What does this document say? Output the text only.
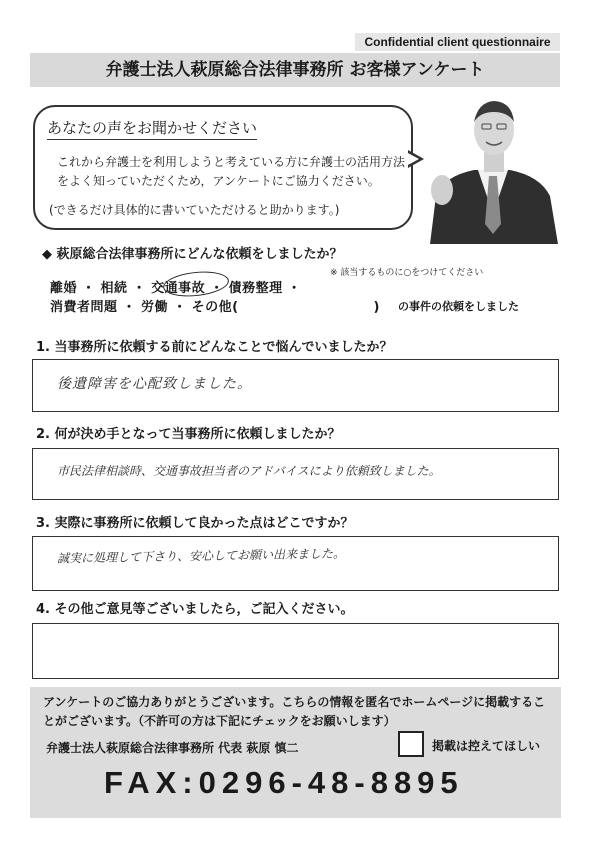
Confidential client questionnaire
弁護士法人萩原総合法律事務所 お客様アンケート
あなたの声をお聞かせください
これから弁護士を利用しようと考えている方に弁護士の活用方法をよく知っていただくため，アンケートにご協力ください。
(できるだけ具体的に書いていただけると助かります。)
◆ 萩原総合法律事務所にどんな依頼をしましたか？
※ 該当するものに○をつけてください
離婚 ・ 相続 ・ 交通事故 ・ 債務整理 ・
消費者問題 ・ 労働 ・ その他(　　　　　　　　　　) の事件の依頼をしました
1. 当事務所に依頼する前にどんなことで悩んでいましたか？
後遺障害を心配致しました。
2. 何が決め手となって当事務所に依頼しましたか？
市民法律相談時、交通事故担当者のアドバイスにより依頼致しました。
3. 実際に事務所に依頼して良かった点はどこですか？
誠実に処理して下さり、安心してお願い出来ました。
4. その他ご意見等ございましたら，ご記入ください。
アンケートのご協力ありがとうございます。こちらの情報を匿名でホームページに掲載することがございます。（不許可の方は下記にチェックをお願いします）
弁護士法人萩原総合法律事務所 代表 萩原 慎二	掲載は控えてほしい
FAX:0296-48-8895
